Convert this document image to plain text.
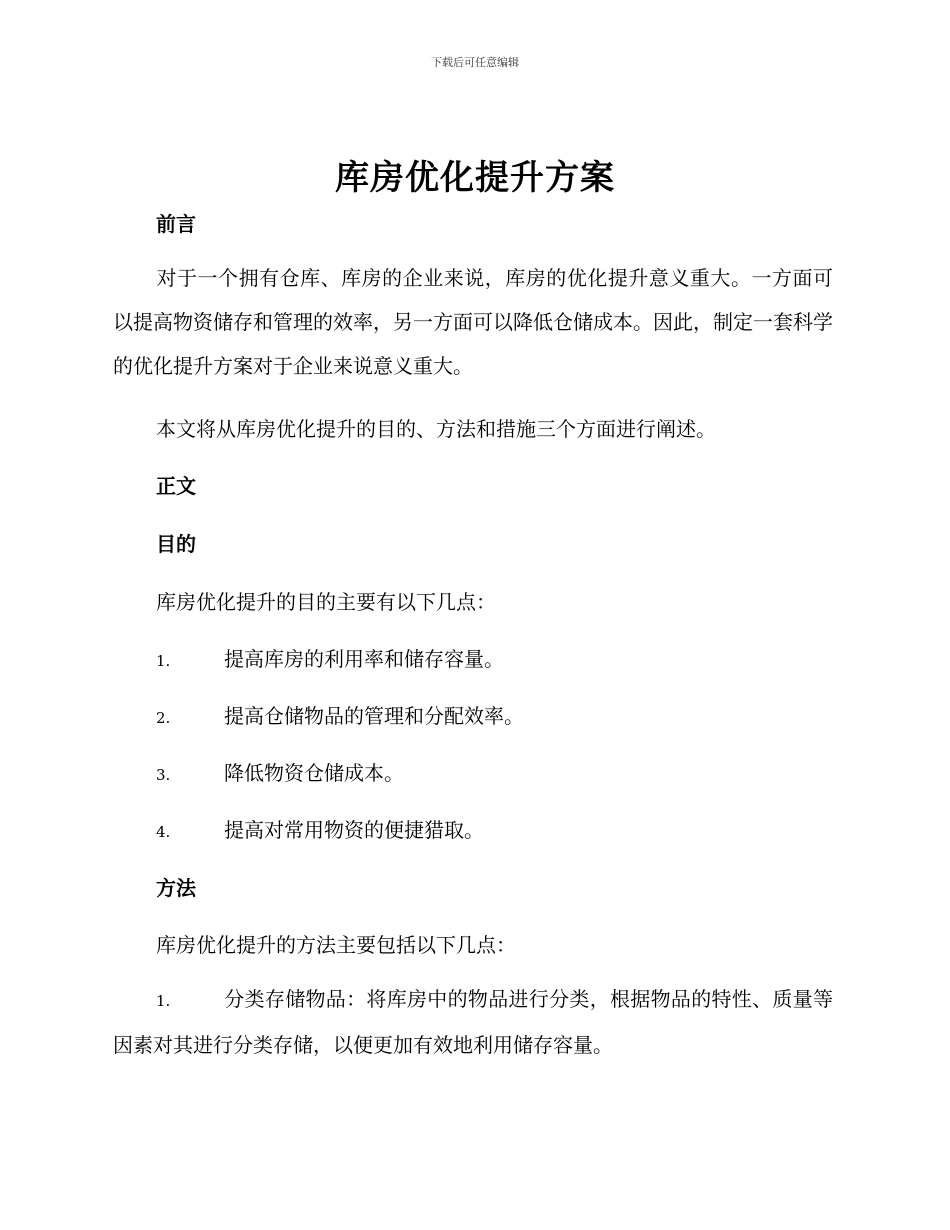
下载后可任意编辑
库房优化提升方案
前言
对于一个拥有仓库、库房的企业来说，库房的优化提升意义重大。一方面可以提高物资储存和管理的效率，另一方面可以降低仓储成本。因此，制定一套科学的优化提升方案对于企业来说意义重大。
本文将从库房优化提升的目的、方法和措施三个方面进行阐述。
正文
目的
库房优化提升的目的主要有以下几点：
1.	提高库房的利用率和储存容量。
2.	提高仓储物品的管理和分配效率。
3.	降低物资仓储成本。
4.	提高对常用物资的便捷猎取。
方法
库房优化提升的方法主要包括以下几点：
1.	分类存储物品：将库房中的物品进行分类，根据物品的特性、质量等因素对其进行分类存储，以便更加有效地利用储存容量。
